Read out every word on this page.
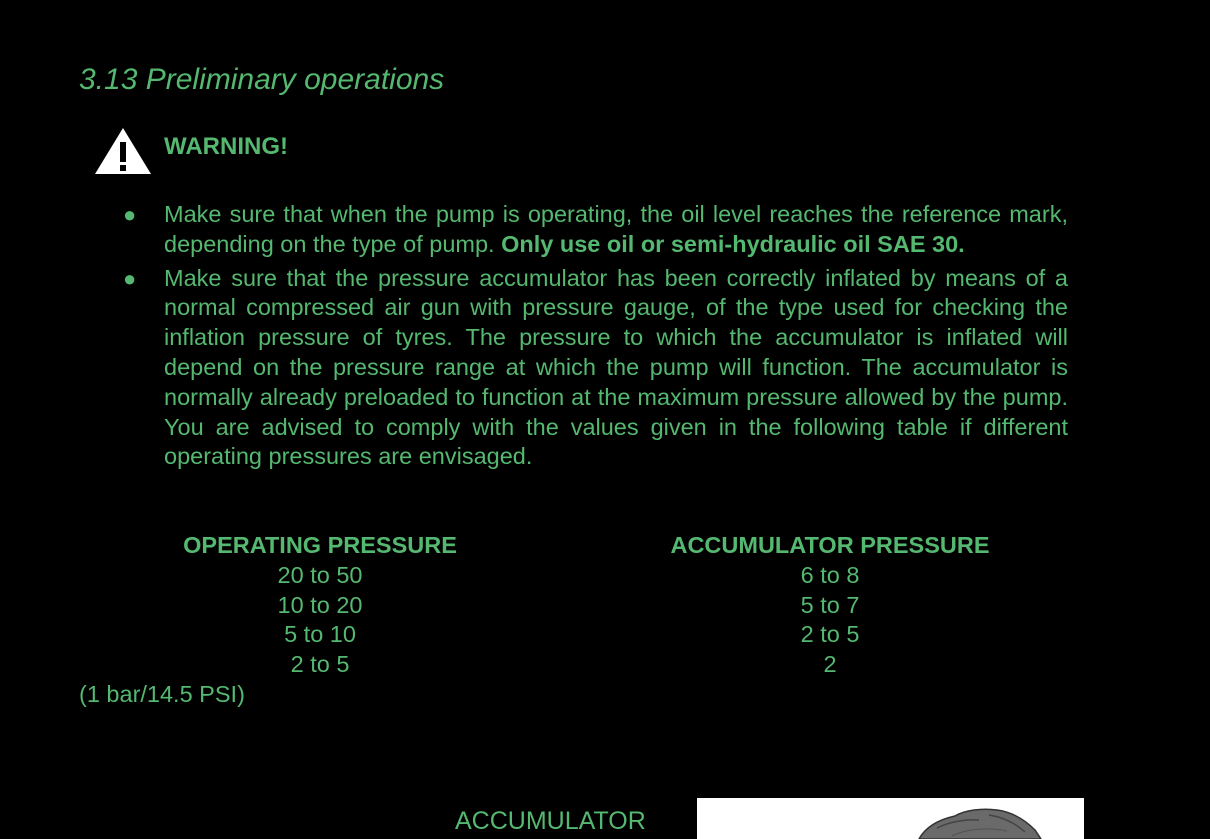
3.13 Preliminary operations
WARNING!
● Make sure that when the pump is operating, the oil level reaches the reference mark, depending on the type of pump. Only use oil or semi-hydraulic oil SAE 30.
● Make sure that the pressure accumulator has been correctly inflated by means of a normal compressed air gun with pressure gauge, of the type used for checking the inflation pressure of tyres. The pressure to which the accumulator is inflated will depend on the pressure range at which the pump will function. The accumulator is normally already preloaded to function at the maximum pressure allowed by the pump. You are advised to comply with the values given in the following table if different operating pressures are envisaged.
OPERATING PRESSURE
20 to 50
10 to 20
5 to 10
2 to 5
ACCUMULATOR PRESSURE
6 to 8
5 to 7
2 to 5
2
(1 bar/14.5 PSI)
ACCUMULATOR
